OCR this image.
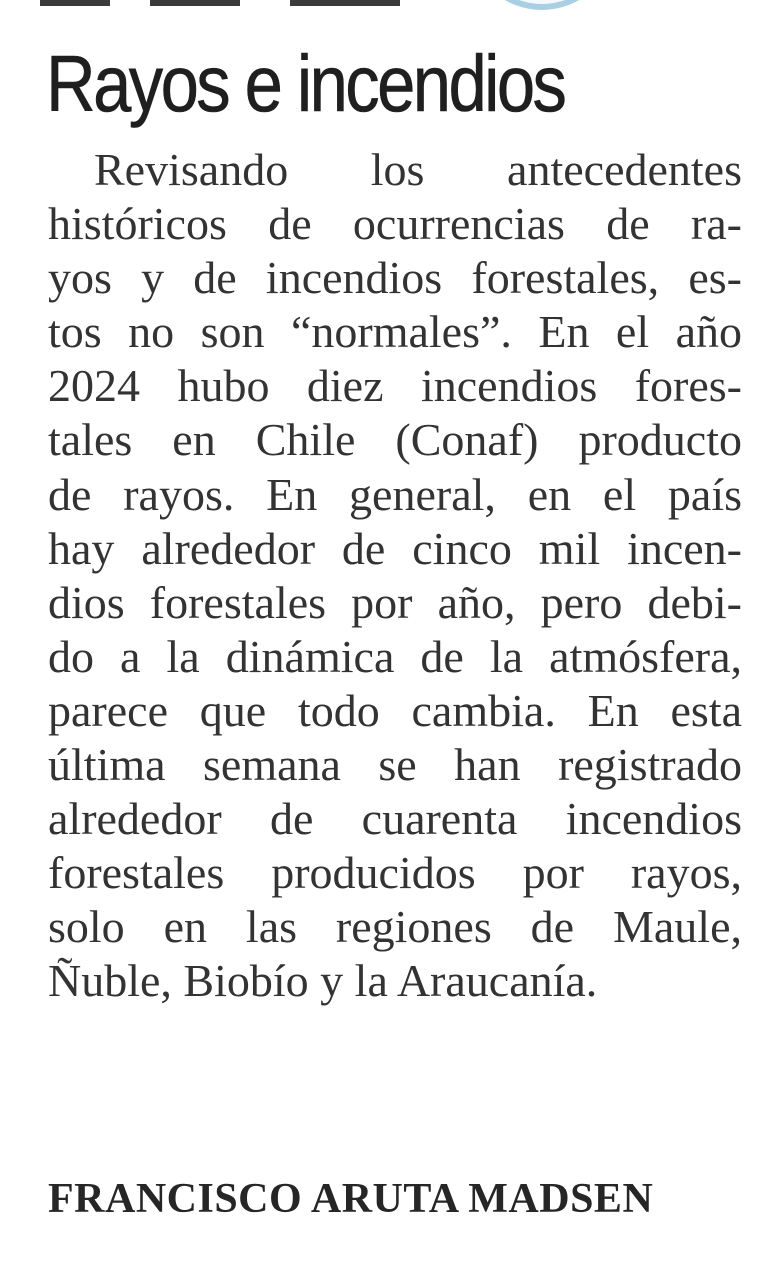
Rayos e incendios
Revisando los antecedentes
históricos de ocurrencias de ra-
yos y de incendios forestales, es-
tos no son “normales”. En el año
2024 hubo diez incendios fores-
tales en Chile (Conaf) producto
de rayos. En general, en el país
hay alrededor de cinco mil incen-
dios forestales por año, pero debi-
do a la dinámica de la atmósfera,
parece que todo cambia. En esta
última semana se han registrado
alrededor de cuarenta incendios
forestales producidos por rayos,
solo en las regiones de Maule,
Ñuble, Biobío y la Araucanía.

FRANCISCO ARUTA MADSEN
